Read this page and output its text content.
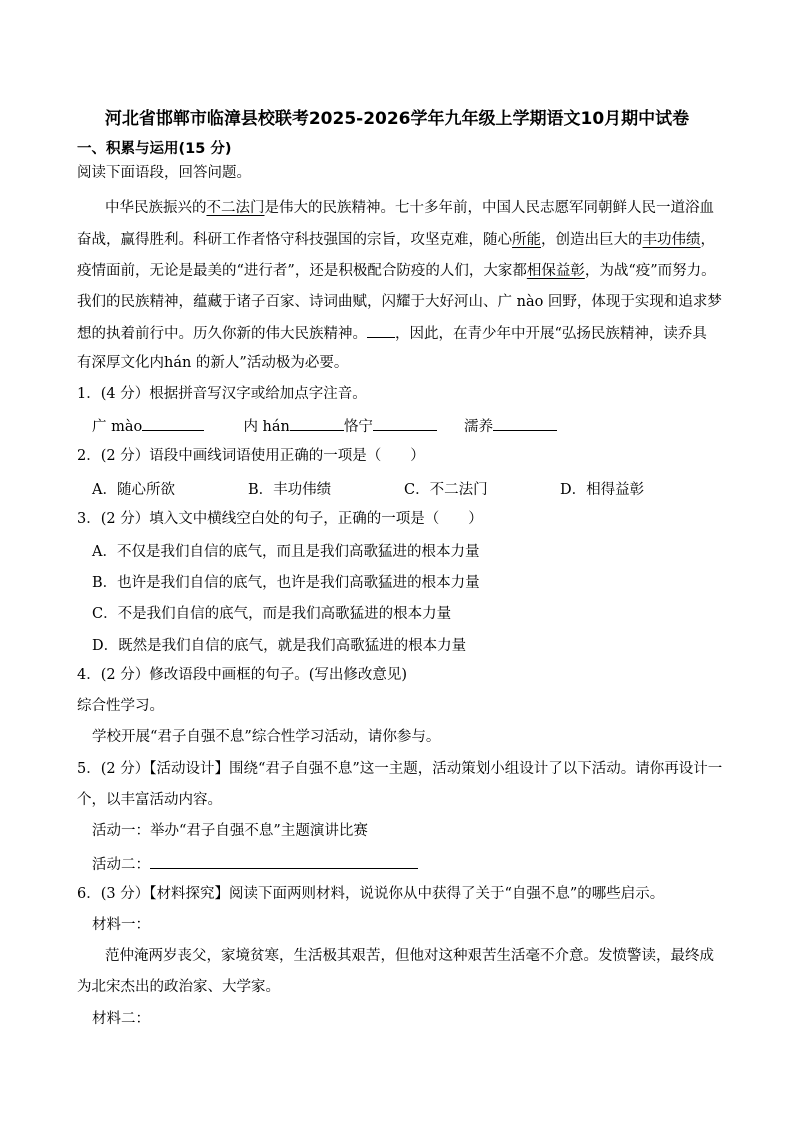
河北省邯郸市临漳县校联考2025-2026学年九年级上学期语文10月期中试卷
一、积累与运用(15 分)
阅读下面语段，回答问题。
中华民族振兴的不二法门是伟大的民族精神。七十多年前，中国人民志愿军同朝鲜人民一道浴血
奋战，赢得胜利。科研工作者恪守科技强国的宗旨，攻坚克难，随心所能，创造出巨大的丰功伟绩，
疫情面前，无论是最美的“进行者”，还是积极配合防疫的人们，大家都相保益彰，为战“疫”而努力。
我们的民族精神，蕴藏于诸子百家、诗词曲赋，闪耀于大好河山、广 nào 回野，体现于实现和追求梦
想的执着前行中。历久你新的伟大民族精神。 ，因此，在青少年中开展“弘扬民族精神，读乔具
有深厚文化内hán 的新人”活动极为必要。
1．(4 分）根据拼音写汉字或给加点字注音。
广 mào	内 hán	恪宁	濡养
2．(2 分）语段中画线词语使用正确的一项是（　　）
A．随心所欲	B．丰功伟绩	C．不二法门	D．相得益彰
3．(2 分）填入文中横线空白处的句子，正确的一项是（　　）
A．不仅是我们自信的底气，而且是我们高歌猛进的根本力量
B．也许是我们自信的底气，也许是我们高歌猛进的根本力量
C．不是我们自信的底气，而是我们高歌猛进的根本力量
D．既然是我们自信的底气，就是我们高歌猛进的根本力量
4．(2 分）修改语段中画框的句子。(写出修改意见)
综合性学习。
学校开展“君子自强不息”综合性学习活动，请你参与。
5．(2 分）【活动设计】围绕“君子自强不息”这一主题，活动策划小组设计了以下活动。请你再设计一
个，以丰富活动内容。
活动一：举办“君子自强不息”主题演讲比赛
活动二：
6．(3 分）【材料探究】阅读下面两则材料，说说你从中获得了关于“自强不息”的哪些启示。
材料一：
范仲淹两岁丧父，家境贫寒，生活极其艰苦，但他对这种艰苦生活毫不介意。发愤警读，最终成
为北宋杰出的政治家、大学家。
材料二：
